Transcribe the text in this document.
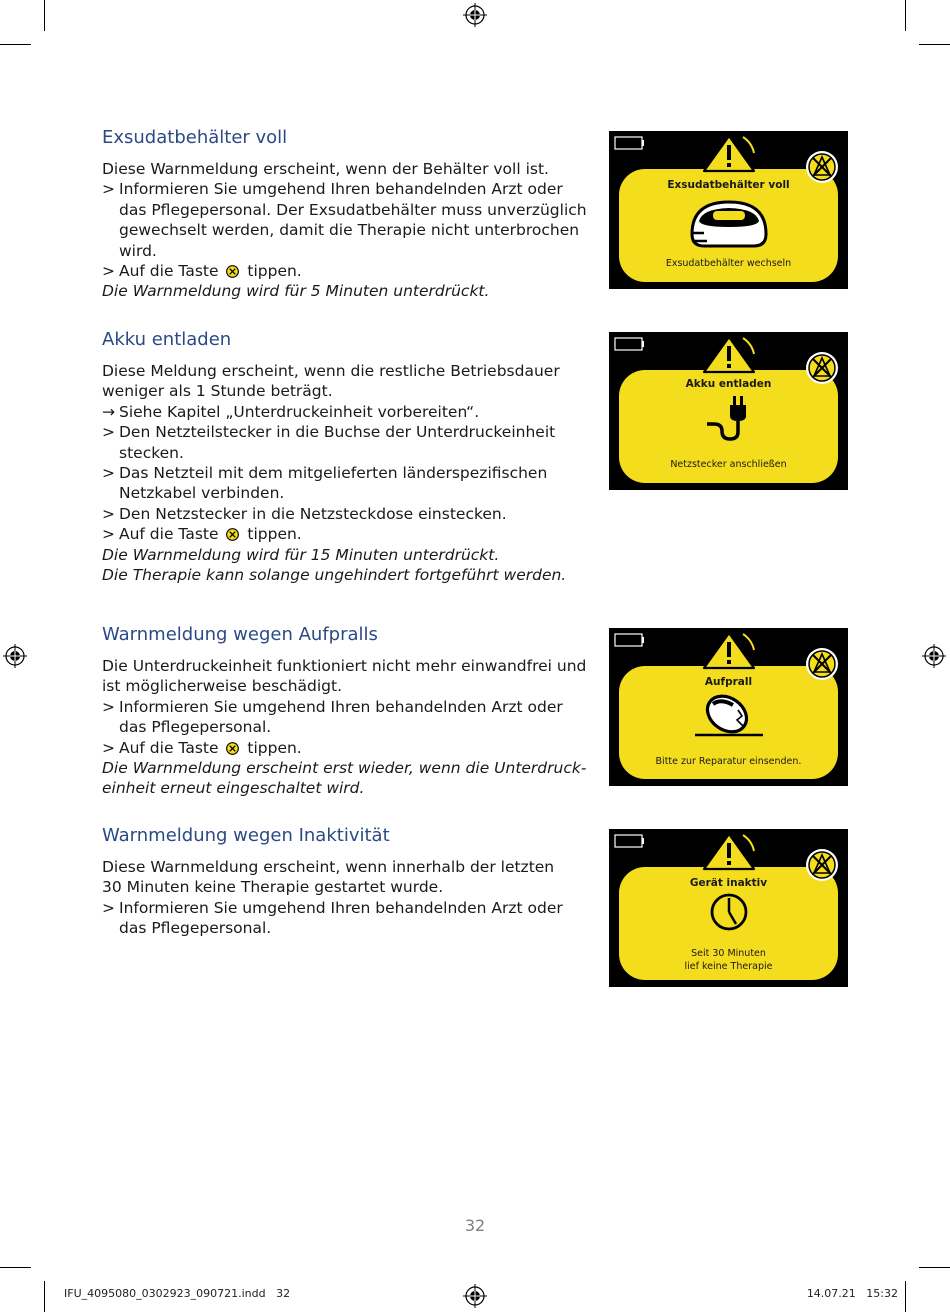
Exsudatbehälter voll

Diese Warnmeldung erscheint, wenn der Behälter voll ist.

> Informieren Sie umgehend Ihren behandelnden Arzt oder
das Pflegepersonal. Der Exsudatbehälter muss unverzüglich
gewechselt werden, damit die Therapie nicht unterbrochen
wird.
> Auf die Taste tippen.

Die Warnmeldung wird für 5 Minuten unterdrückt.

Akku entladen

Diese Meldung erscheint, wenn die restliche Betriebsdauer

weniger als 1 Stunde beträgt.

→ Siehe Kapitel „Unterdruckeinheit vorbereiten“.
> Den Netzteilstecker in die Buchse der Unterdruckeinheit
stecken.
> Das Netzteil mit dem mitgelieferten länderspezifischen
Netzkabel verbinden.
> Den Netzstecker in die Netzsteckdose einstecken.
> Auf die Taste tippen.

Die Warnmeldung wird für 15 Minuten unterdrückt.

Die Therapie kann solange ungehindert fortgeführt werden.

Warnmeldung wegen Aufpralls

Die Unterdruckeinheit funktioniert nicht mehr einwandfrei und

ist möglicherweise beschädigt.

> Informieren Sie umgehend Ihren behandelnden Arzt oder
das Pflegepersonal.
> Auf die Taste tippen.

Die Warnmeldung erscheint erst wieder, wenn die Unterdruck-

einheit erneut eingeschaltet wird.

Warnmeldung wegen Inaktivität

Diese Warnmeldung erscheint, wenn innerhalb der letzten

30 Minuten keine Therapie gestartet wurde.

> Informieren Sie umgehend Ihren behandelnden Arzt oder
das Pflegepersonal.
Exsudatbehälter voll
Exsudatbehälter wechseln
Akku entladen
Netzstecker anschließen
Aufprall
Bitte zur Reparatur einsenden.
Gerät inaktiv
Seit 30 Minuten
lief keine Therapie
32
IFU_4095080_0302923_090721.indd   32	14.07.21   15:32
